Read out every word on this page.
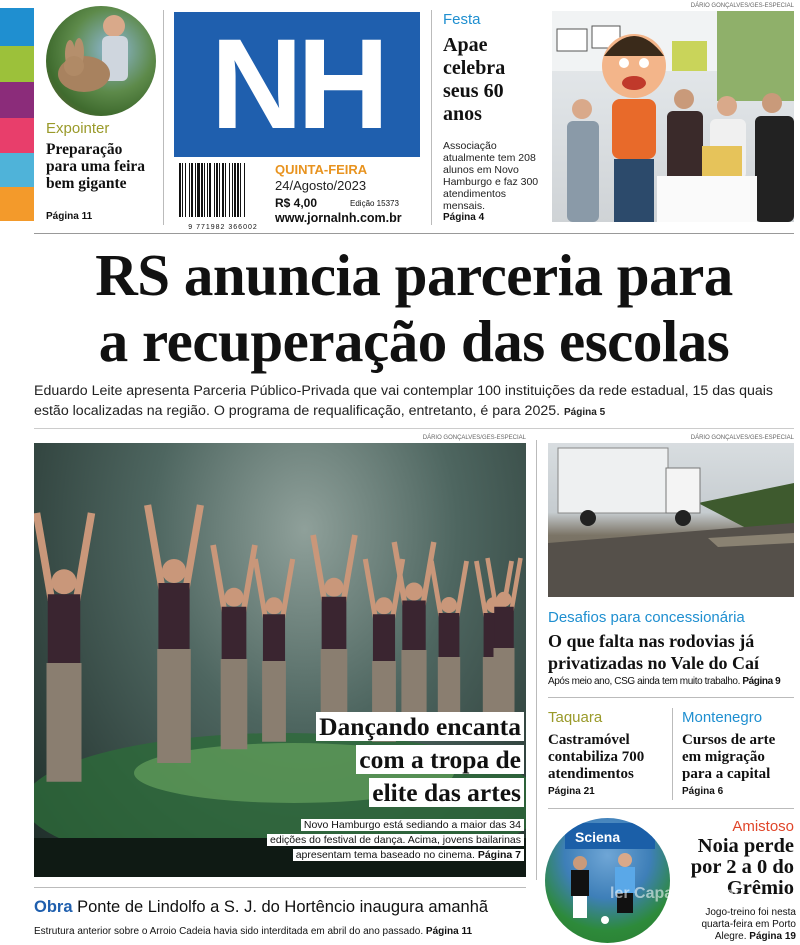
Expointer
Preparação para uma feira bem gigante
Página 11
NH
9 771982 366002
QUINTA-FEIRA
24/Agosto/2023
R$ 4,00	Edição 15373
www.jornalnh.com.br
Festa
Apae celebra seus 60 anos
Associação atualmente tem 208 alunos em Novo Hamburgo e faz 300 atendimentos mensais.
Página 4
DÁRIO GONÇALVES/GES-ESPECIAL
RS anuncia parceria para
a recuperação das escolas
Eduardo Leite apresenta Parceria Público-Privada que vai contemplar 100 instituições da rede estadual, 15 das quais estão localizadas na região. O programa de requalificação, entretanto, é para 2025. Página 5
DÁRIO GONÇALVES/GES-ESPECIAL
Dançando encanta
com a tropa de
elite das artes
Novo Hamburgo está sediando a maior das 34
edições do festival de dança. Acima, jovens bailarinas
apresentam tema baseado no cinema. Página 7
DÁRIO GONÇALVES/GES-ESPECIAL
Desafios para concessionária
O que falta nas rodovias já privatizadas no Vale do Caí
Após meio ano, CSG ainda tem muito trabalho. Página 9
Taquara
Castramóvel contabiliza 700 atendimentos
Página 21
Montenegro
Cursos de arte em migração para a capital
Página 6
Sciena
Amistoso
Noia perde por 2 a 0 do Grêmio
Jogo-treino foi nesta quarta-feira em Porto Alegre. Página 19
ler Capas.com.br
Obra Ponte de Lindolfo a S. J. do Hortêncio inaugura amanhã
Estrutura anterior sobre o Arroio Cadeia havia sido interditada em abril do ano passado. Página 11
